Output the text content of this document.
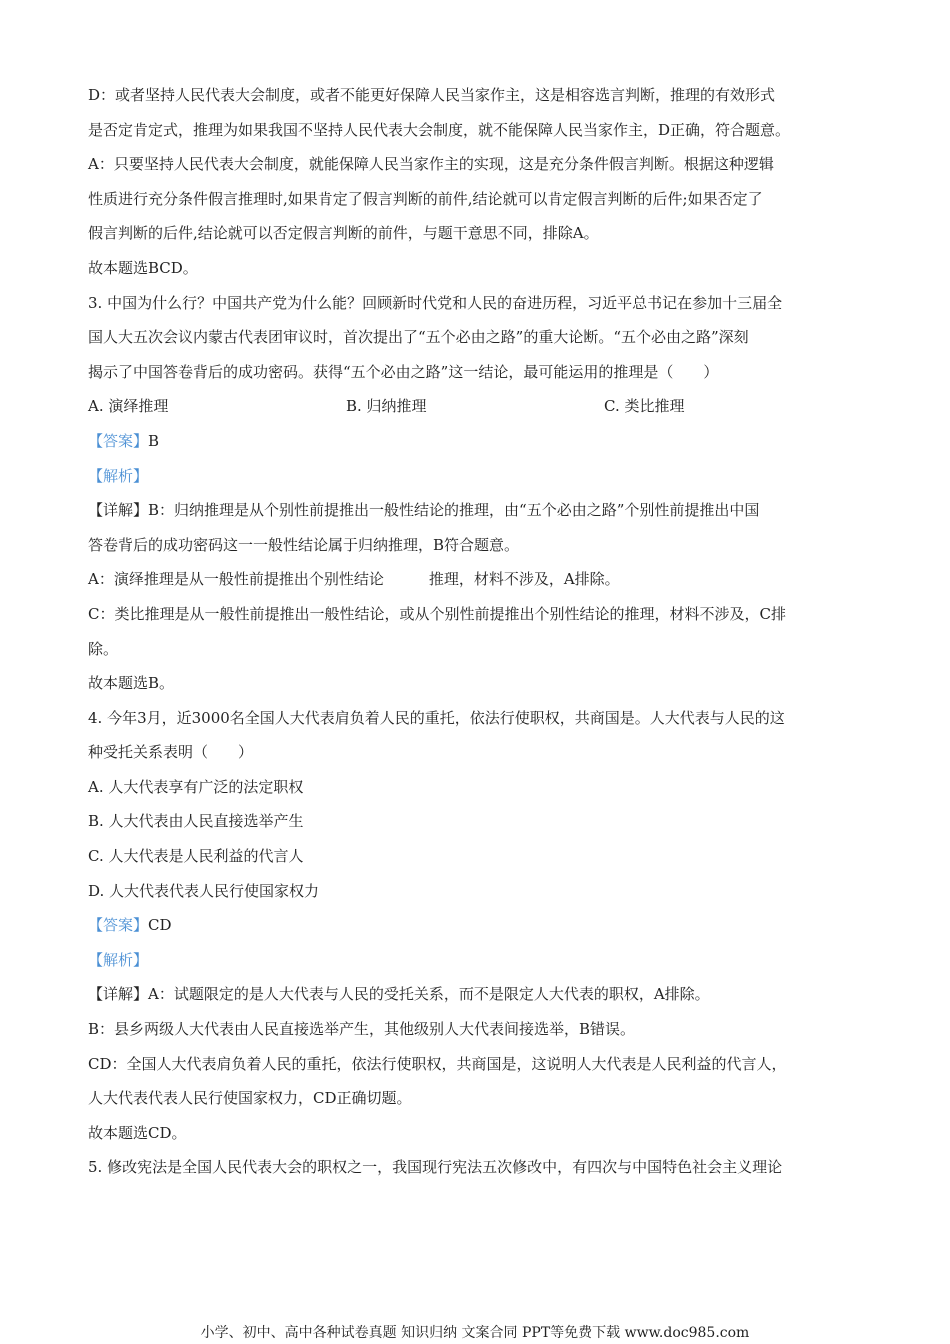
D：或者坚持人民代表大会制度，或者不能更好保障人民当家作主，这是相容选言判断，推理的有效形式
是否定肯定式，推理为如果我国不坚持人民代表大会制度，就不能保障人民当家作主，D正确，符合题意。
A：只要坚持人民代表大会制度，就能保障人民当家作主的实现，这是充分条件假言判断。根据这种逻辑
性质进行充分条件假言推理时,如果肯定了假言判断的前件,结论就可以肯定假言判断的后件;如果否定了
假言判断的后件,结论就可以否定假言判断的前件，与题干意思不同，排除A。
故本题选BCD。
3. 中国为什么行？中国共产党为什么能？回顾新时代党和人民的奋进历程，习近平总书记在参加十三届全
国人大五次会议内蒙古代表团审议时，首次提出了“五个必由之路”的重大论断。“五个必由之路”深刻
揭示了中国答卷背后的成功密码。获得“五个必由之路”这一结论，最可能运用的推理是（　　）
A. 演绎推理	B. 归纳推理	C. 类比推理
【答案】B
【解析】
【详解】B：归纳推理是从个别性前提推出一般性结论的推理，由“五个必由之路”个别性前提推出中国
答卷背后的成功密码这一一般性结论属于归纳推理，B符合题意。
A：演绎推理是从一般性前提推出个别性结论　　　推理，材料不涉及，A排除。
C：类比推理是从一般性前提推出一般性结论，或从个别性前提推出个别性结论的推理，材料不涉及，C排
除。
故本题选B。
4. 今年3月，近3000名全国人大代表肩负着人民的重托，依法行使职权，共商国是。人大代表与人民的这
种受托关系表明（　　）
A. 人大代表享有广泛的法定职权
B. 人大代表由人民直接选举产生
C. 人大代表是人民利益的代言人
D. 人大代表代表人民行使国家权力
【答案】CD
【解析】
【详解】A：试题限定的是人大代表与人民的受托关系，而不是限定人大代表的职权，A排除。
B：县乡两级人大代表由人民直接选举产生，其他级别人大代表间接选举，B错误。
CD：全国人大代表肩负着人民的重托，依法行使职权，共商国是，这说明人大代表是人民利益的代言人，
人大代表代表人民行使国家权力，CD正确切题。
故本题选CD。
5. 修改宪法是全国人民代表大会的职权之一，我国现行宪法五次修改中，有四次与中国特色社会主义理论
小学、初中、高中各种试卷真题 知识归纳 文案合同 PPT等免费下载 www.doc985.com
